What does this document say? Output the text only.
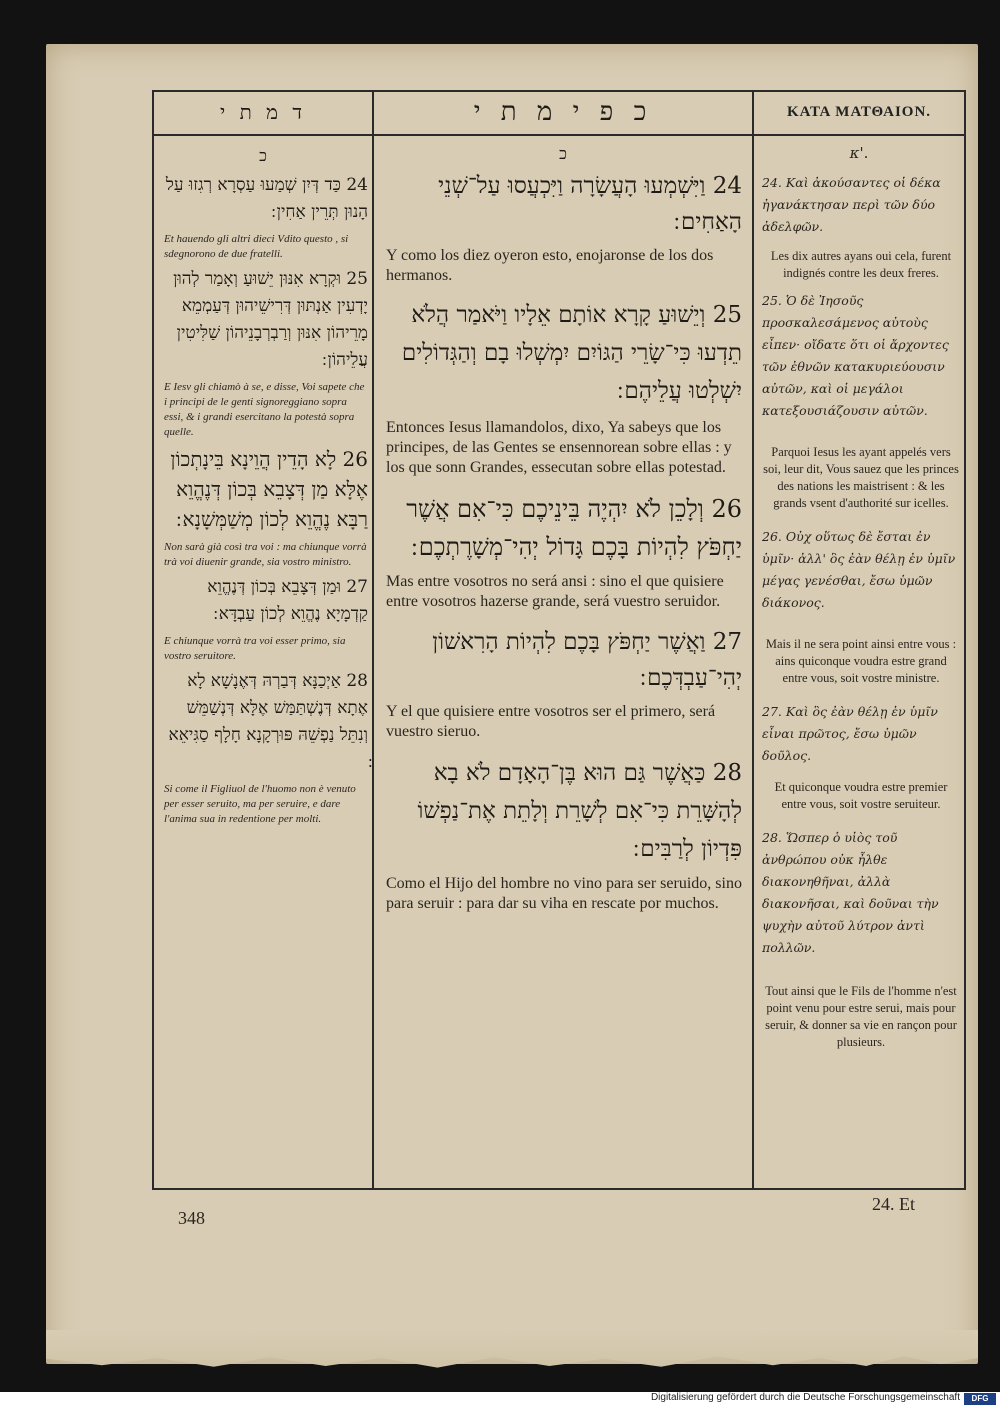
ד מ ת י	כ פ י מ ת י	ΚΑΤΑ ΜΑΤΘΑΙΟΝ.
כ	כ	κ'.

24 כַּד דְּיִן שְׁמַעוּ עַסְרָא רְגִזוּ עַל הָנוּן תְּרֵין אַחִין ׃

Et hauendo gli altri dieci Vdito questo , si sdegnorono de due fratelli.

25 וּקְרָא אִנּוּן יֵשׁוּעַ וְאָמַר לְהוּן יָדְעִין אַנְתּוּן דְּרִישֵׁיהוּן דְּעַמְמֵא מָרֵיהוֹן אִנּוּן וְרַבְרְבָנֵיהוֹן שַׁלִּיטִין עֲלֵיהוֹן ׃

E Iesv gli chiamò à se, e disse, Voi sapete che i principi de le genti signoreggiano sopra essi, & i grandi esercitano la potestà sopra quelle.

26 לָא הָדֵין הֲוֵינָא בֵּינָתְכוֹן אֶלָּא מַן דְּצָבֵא בְּכוֹן דְּנֶהֱוֵא רַבָּא נֶהֱוֵא לְכוֹן מְשַׁמְּשָׁנָא ׃

Non sarà già così tra voi : ma chiunque vorrà trà voi diuenir grande, sia vostro ministro.

27 וּמַן דְּצָבֵא בְּכוֹן דְּנֶהֱוֵא קַדְמָיָא נֶהֱוֵא לְכוֹן עַבְדָּא ׃

E chiunque vorrà tra voi esser primo, sia vostro seruitore.

28 אַיְכַנָּא דְּבַרְהּ דְּאֶנָשָׁא לָא אֶתָא דְּנֶשְׁתַּמַּשׁ אֶלָּא דְּנְשַׁמֵּשׁ וְנִתֵּל נַפְשֵׁהּ פּוּרְקָנָא חָלָף סַגִּיאֵא

Si come il Figliuol de l'huomo non è venuto per esser seruito, ma per seruire, e dare l'anima sua in redentione per molti.

24 וַיִּשְׁמְעוּ הָעֲשָׂרָה וַיִּכְעֲסוּ עַל־שְׁנֵי הָאַחִים ׃

Y como los diez oyeron esto, enojaronse de los dos hermanos.

25 וְיֵשׁוּעַ קָרָא אוֹתָם אֵלָיו וַיֹּאמַר הֲלֹא תֵדְעוּ כִּי־שָׂרֵי הַגּוֹיִם יִמְשְׁלוּ בָם וְהַגְּדוֹלִים יִשְׁלְטוּ עֲלֵיהֶם ׃

Entonces Iesus llamandolos, dixo, Ya sabeys que los principes, de las Gentes se ensennorean sobre ellas : y los que sonn Grandes, essecutan sobre ellas potestad.

26 וְלָכֵן לֹא יִהְיֶה בֵּינֵיכֶם כִּי־אִם אֲשֶׁר יַחְפֹּץ לִהְיוֹת בָּכֶם גָּדוֹל יְהִי־מְשָׁרֶתְכֶם ׃

Mas entre vosotros no será ansi : sino el que quisiere entre vosotros hazerse grande, será vuestro seruidor.

27 וַאֲשֶׁר יַחְפֹּץ בָּכֶם לִהְיוֹת הָרִאשׁוֹן יְהִי־עַבְדְּכֶם ׃

Y el que quisiere entre vosotros ser el primero, será vuestro sieruo.

28 כַּאֲשֶׁר גַּם הוּא בֶּן־הָאָדָם לֹא בָא לְהָשָּׁרֵת כִּי־אִם לְשָׁרֵת וְלָתֵת אֶת־נַפְשׁוֹ פִּדְיוֹן לְרַבִּים ׃

Como el Hijo del hombre no vino para ser seruido, sino para seruir : para dar su viha en rescate por muchos.

24. Καὶ ἀκούσαντες οἱ δέκα ἠγανάκτησαν περὶ τῶν δύο ἀδελφῶν.

Les dix autres ayans oui cela, furent indignés contre les deux freres.

25. Ὁ δὲ Ἰησοῦς προσκαλεσάμενος αὐτοὺς εἶπεν· οἴδατε ὅτι οἱ ἄρχοντες τῶν ἐθνῶν κατακυριεύουσιν αὐτῶν, καὶ οἱ μεγάλοι κατεξουσιάζουσιν αὐτῶν.

Parquoi Iesus les ayant appelés vers soi, leur dit, Vous sauez que les princes des nations les maistrisent : & les grands vsent d'authorité sur icelles.

26. Οὐχ οὕτως δὲ ἔσται ἐν ὑμῖν· ἀλλ' ὃς ἐὰν θέλῃ ἐν ὑμῖν μέγας γενέσθαι, ἔσω ὑμῶν διάκονος.

Mais il ne sera point ainsi entre vous : ains quiconque voudra estre grand entre vous, soit vostre ministre.

27. Καὶ ὃς ἐὰν θέλῃ ἐν ὑμῖν εἶναι πρῶτος, ἔσω ὑμῶν δοῦλος.

Et quiconque voudra estre premier entre vous, soit vostre seruiteur.

28. Ὥσπερ ὁ υἱὸς τοῦ ἀνθρώπου οὐκ ἦλθε διακονηθῆναι, ἀλλὰ διακονῆσαι, καὶ δοῦναι τὴν ψυχὴν αὐτοῦ λύτρον ἀντὶ πολλῶν.

Tout ainsi que le Fils de l'homme n'est point venu pour estre serui, mais pour seruir, & donner sa vie en rançon pour plusieurs.

348
24. Et
Digitalisierung gefördert durch die Deutsche Forschungsgemeinschaft	DFG
